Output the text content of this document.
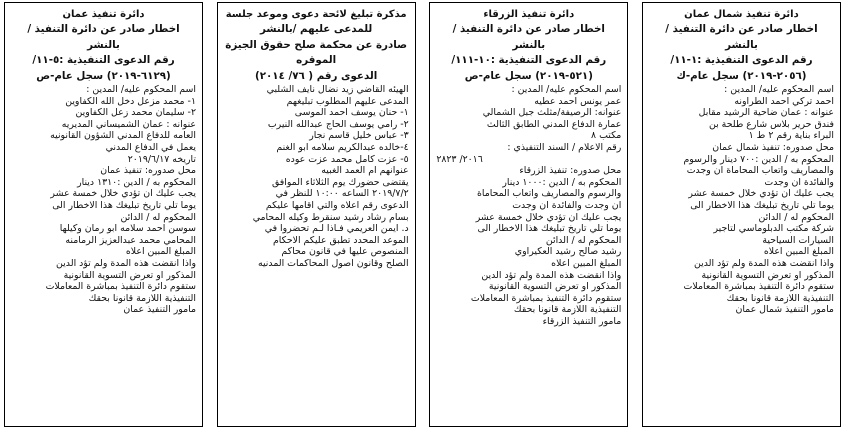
دائرة تنفيذ شمال عمان
اخطار صادر عن دائرة التنفيذ / بالنشر
رقم الدعوى التنفيذية :١-١١/
(٢٠٥٦-٢٠١٩) سجل عام-ك
اسم المحكوم عليه/ المدين :
احمد تركي احمد الطراونه
عنوانه : عمان ضاحية الرشيد مقابل
فندق حرير بلاس شارع طلحة بن
البراء بناية رقم ٢ ط ١
محل صدوره: تنفيذ شمال عمان
المحكوم به / الدين :٧٠٠ دينار والرسوم
والمصاريف واتعاب المحاماة ان وجدت
والفائدة ان وجدت
يجب عليك ان تؤدي خلال خمسة عشر
يوما تلي تاريخ تبليغك هذا الاخطار الى
المحكوم له / الدائن
شركة مكتب الدبلوماسي لتاجير
السيارات السياحية
المبلغ المبين اعلاه
واذا انقضت هذه المدة ولم تؤد الدين
المذكور او تعرض التسوية القانونية
ستقوم دائرة التنفيذ بمباشرة المعاملات
التنفيذية اللازمة قانونا بحقك
مامور التنفيذ شمال عمان
دائرة تنفيذ الزرقاء
اخطار صادر عن دائرة التنفيذ / بالنشر
رقم الدعوى التنفيذية :١٠-١١١/
(٥٢١-٢٠١٩) سجل عام-ص
اسم المحكوم عليه/ المدين :
عمر يونس احمد عطيه
عنوانه: الرصيفة/مثلث جبل الشمالي
عمارة الدفاع المدني الطابق الثالث
مكتب ٨
رقم الاعلام / السند التنفيذي :
٢٠١٦/ ٢٨٢٣
محل صدوره: تنفيذ الزرقاء
المحكوم به / الدين :١٠٠٠ دينار
والرسوم والمصاريف واتعاب المحاماة
ان وجدت والفائدة ان وجدت
يجب عليك ان تؤدي خلال خمسة عشر
يوما تلي تاريخ تبليغك هذا الاخطار الى
المحكوم له / الدائن
رشيد صالح رشيد العكيراوي
المبلغ المبين اعلاه
واذا انقضت هذه المدة ولم تؤد الدين
المذكور او تعرض التسوية القانونية
ستقوم دائرة التنفيذ بمباشرة المعاملات
التنفيذية اللازمة قانونا بحقك
مامور التنفيذ الزرقاء
مذكرة تبليغ لائحة دعوى وموعد جلسة
للمدعى عليهم /بالنشر
صادرة عن محكمة صلح حقوق الجيزة الموقره
الدعوى رقم ( ٧٦/ ٢٠١٤)
الهيئه القاضي زيد نضال نايف الشلبي
المدعى عليهم المطلوب تبليغهم
١- حنان يوسف احمد الموسى
٢- رامي يوسف الحاج عبدالله النيرب
٣- عباس خليل قاسم نجار
٤-خالده عبدالكريم سلامه ابو الغنم
٥- عزت كامل محمد عزت عوده
عنوانهم ام العمد الغبيه
يقتضى حضورك يوم الثلاثاء الموافق
٢٠١٩/٧/٢ الساعه ١٠:٠٠ للنظر في
الدعوى رقم اعلاه والتي اقامها عليكم
بسام رشاد رشيد سنقرط وكيله المحامي
د. ايمن العريمي فـاذا لـم تحضروا في
الموعد المحدد تطبق عليكم الاحكام
المنصوص عليها في قانون محاكم
الصلح وقانون اصول المحاكمات المدنيه
دائرة تنفيذ عمان
اخطار صادر عن دائرة التنفيذ / بالنشر
رقم الدعوى التنفيذية :٥-١١/
(٦١٢٩-٢٠١٩) سجل عام-ص
اسم المحكوم عليه/ المدين :
١- محمد مزعل دخل الله الكفاوين
٢- سليمان محمد زعل الكفاوين
عنوانه : عمان الشميساني المديريه
العامه للدفاع المدني الشؤون القانونيه
يعمل في الدفاع المدني
تاريخه ٢٠١٩/٦/١٧
محل صدوره: تنفيذ عمان
المحكوم به / الدين :١٣١٠ دينار
يجب عليك ان تؤدي خلال خمسة عشر
يوما تلي تاريخ تبليغك هذا الاخطار الى
المحكوم له / الدائن
سوسن احمد سلامه ابو رمان وكيلها
المحامي محمد عبدالعزيز الرمامنه
المبلغ المبين اعلاه
واذا انقضت هذه المدة ولم تؤد الدين
المذكور او تعرض التسوية القانونية
ستقوم دائرة التنفيذ بمباشرة المعاملات
التنفيذية اللازمة قانونا بحقك
مامور التنفيذ عمان
